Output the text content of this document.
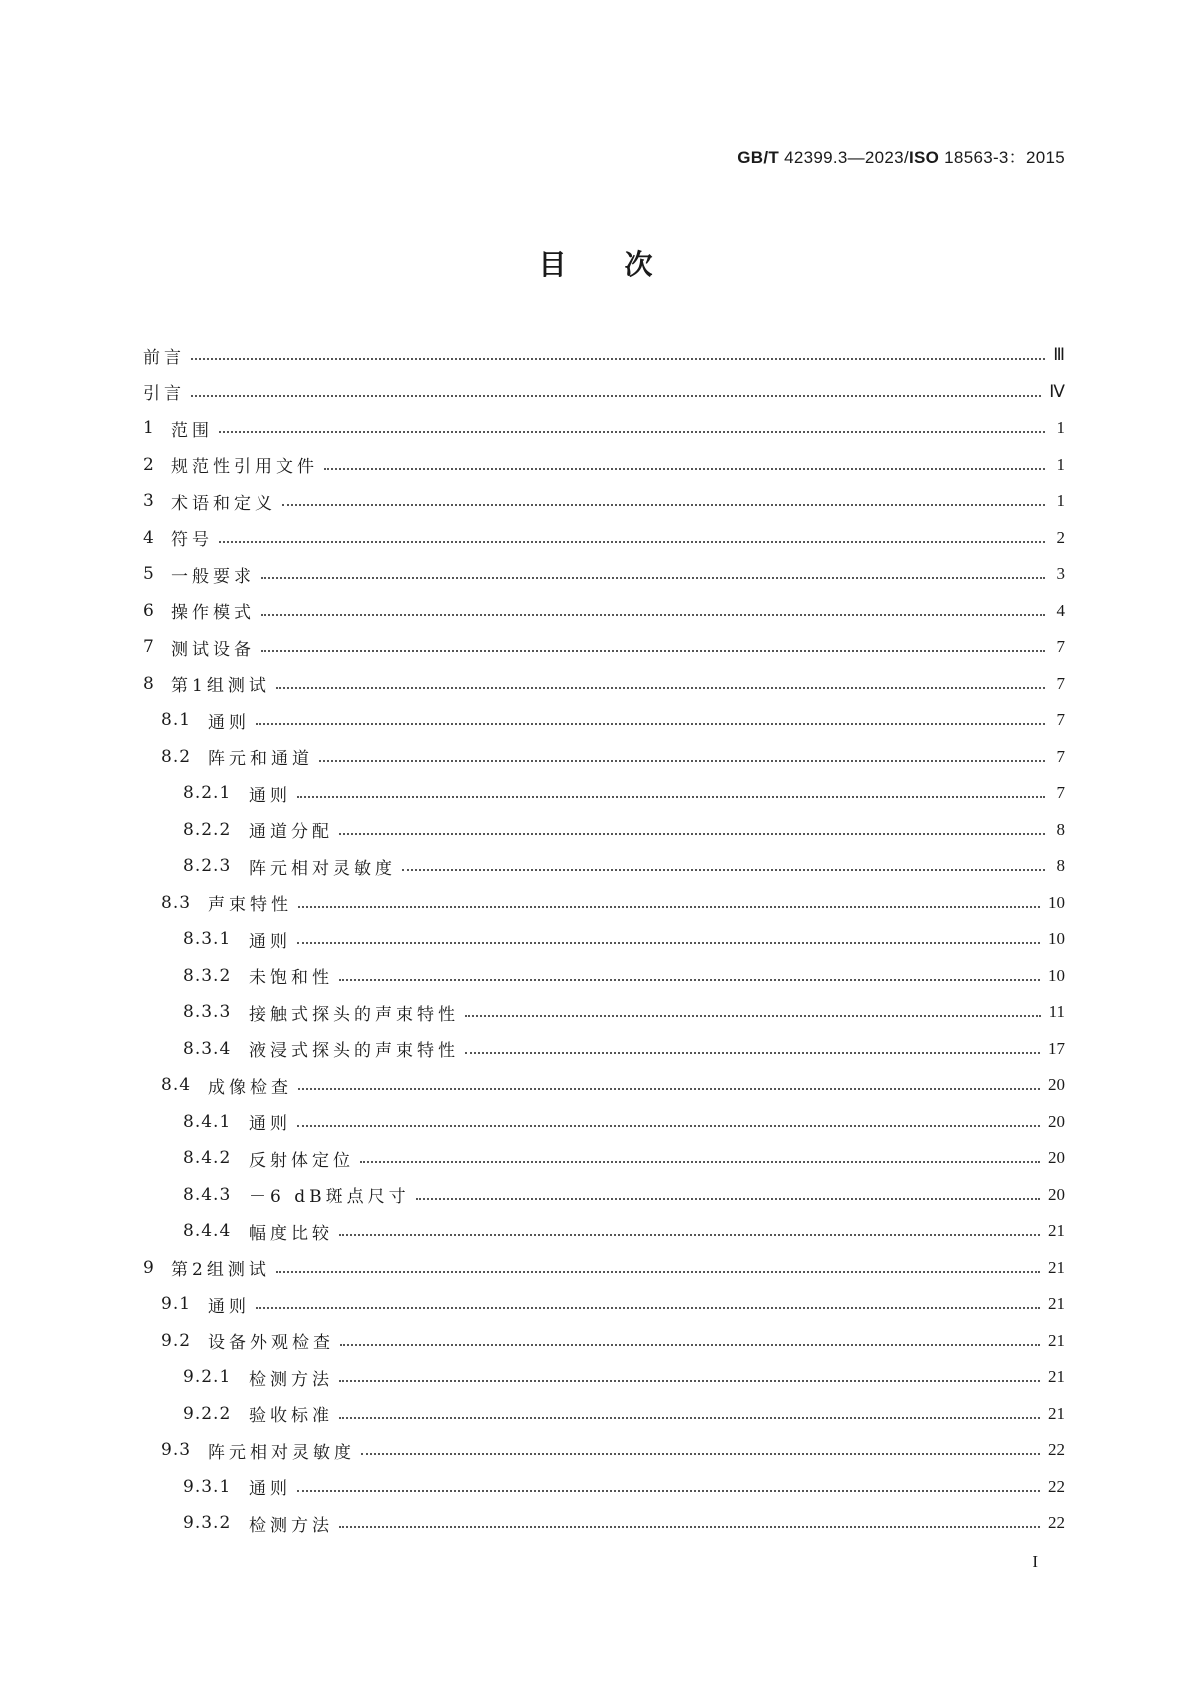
GB/T 42399.3—2023/ISO 18563-3：2015
目次
前言	Ⅲ
引言	Ⅳ
1 范围	1
2 规范性引用文件	1
3 术语和定义	1
4 符号	2
5 一般要求	3
6 操作模式	4
7 测试设备	7
8 第1组测试	7
8.1 通则	7
8.2 阵元和通道	7
8.2.1	通则	7
8.2.2	通道分配	8
8.2.3	阵元相对灵敏度	8
8.3 声束特性	10
8.3.1	通则	10
8.3.2	未饱和性	10
8.3.3	接触式探头的声束特性	11
8.3.4	液浸式探头的声束特性	17
8.4 成像检查	20
8.4.1	通则	20
8.4.2	反射体定位	20
8.4.3	－6 dB斑点尺寸	20
8.4.4	幅度比较	21
9 第2组测试	21
9.1 通则	21
9.2 设备外观检查	21
9.2.1	检测方法	21
9.2.2	验收标准	21
9.3 阵元相对灵敏度	22
9.3.1	通则	22
9.3.2	检测方法	22
I
